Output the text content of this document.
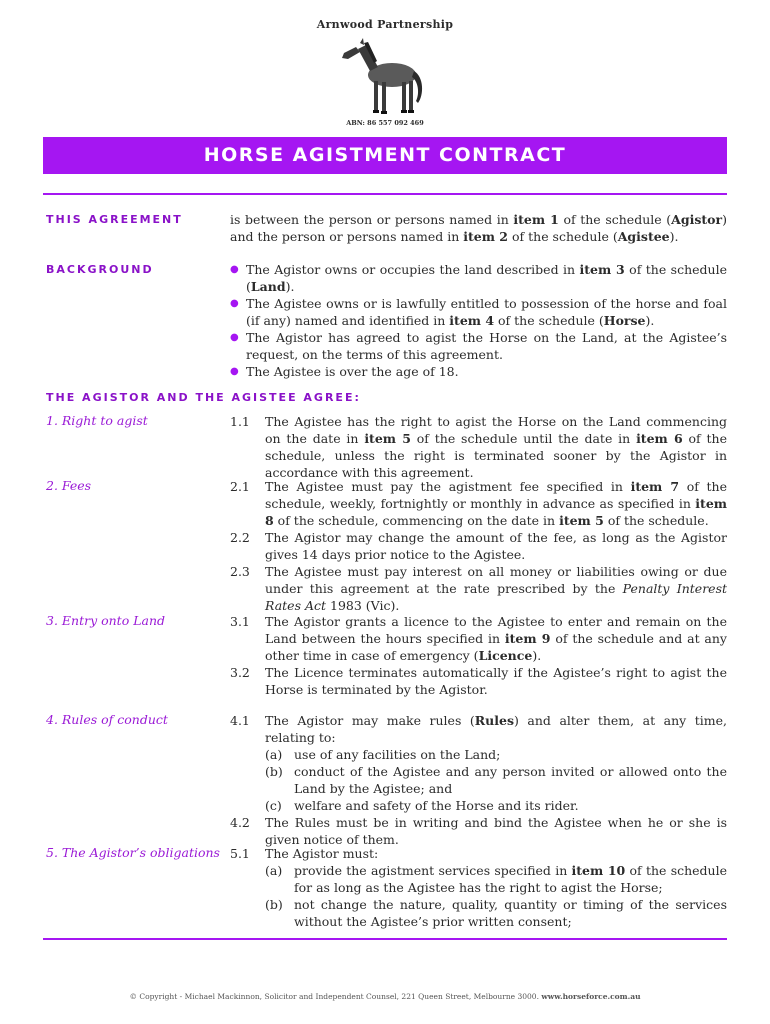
Arnwood Partnership
ABN: 86 557 092 469
HORSE AGISTMENT CONTRACT
THIS AGREEMENT	is between the person or persons named in item 1 of the schedule (Agistor) and the person or persons named in item 2 of the schedule (Agistee).
BACKGROUND	● The Agistor owns or occupies the land described in item 3 of the schedule (Land).
● The Agistee owns or is lawfully entitled to possession of the horse and foal (if any) named and identified in item 4 of the schedule (Horse).
● The Agistor has agreed to agist the Horse on the Land, at the Agistee’s request, on the terms of this agreement.
● The Agistee is over the age of 18.
THE AGISTOR AND THE AGISTEE AGREE:
1. Right to agist	1.1 The Agistee has the right to agist the Horse on the Land commencing on the date in item 5 of the schedule until the date in item 6 of the schedule, unless the right is terminated sooner by the Agistor in accordance with this agreement.
2. Fees	2.1 The Agistee must pay the agistment fee specified in item 7 of the schedule, weekly, fortnightly or monthly in advance as specified in item 8 of the schedule, commencing on the date in item 5 of the schedule.
2.2 The Agistor may change the amount of the fee, as long as the Agistor gives 14 days prior notice to the Agistee.
2.3 The Agistee must pay interest on all money or liabilities owing or due under this agreement at the rate prescribed by the Penalty Interest Rates Act 1983 (Vic).
3. Entry onto Land	3.1 The Agistor grants a licence to the Agistee to enter and remain on the Land between the hours specified in item 9 of the schedule and at any other time in case of emergency (Licence).
3.2 The Licence terminates automatically if the Agistee’s right to agist the Horse is terminated by the Agistor.
4. Rules of conduct	4.1 The Agistor may make rules (Rules) and alter them, at any time, relating to:
(a) use of any facilities on the Land;
(b) conduct of the Agistee and any person invited or allowed onto the Land by the Agistee; and
(c) welfare and safety of the Horse and its rider.
4.2 The Rules must be in writing and bind the Agistee when he or she is given notice of them.
5. The Agistor’s obligations 5.1 The Agistor must:
(a) provide the agistment services specified in item 10 of the schedule for as long as the Agistee has the right to agist the Horse;
(b) not change the nature, quality, quantity or timing of the services without the Agistee’s prior written consent;
© Copyright - Michael Mackinnon, Solicitor and Independent Counsel, 221 Queen Street, Melbourne 3000. www.horseforce.com.au
